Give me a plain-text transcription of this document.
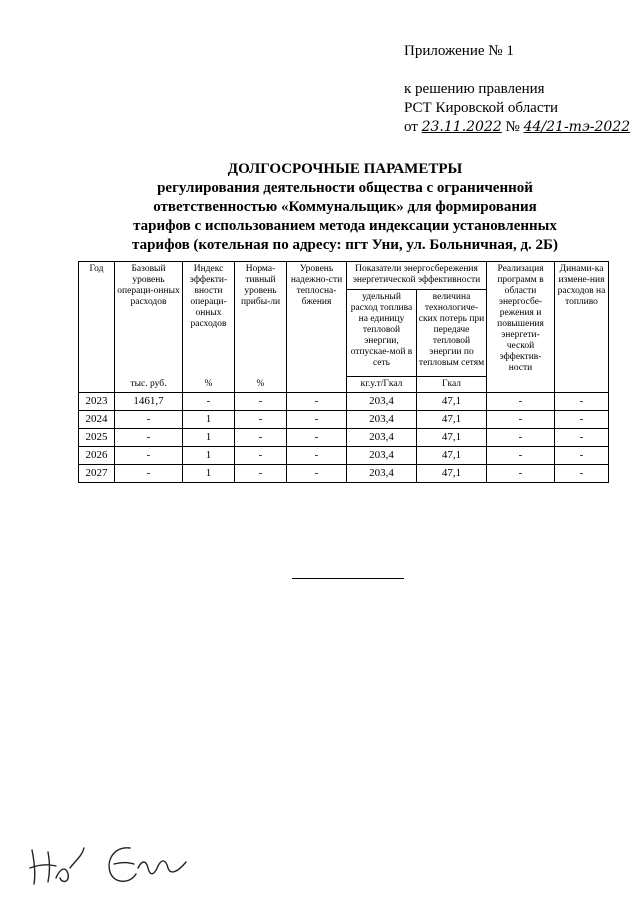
Приложение № 1
к решению правления
РСТ Кировской области
от 23.11.2022 № 44/21-тэ-2022
ДОЛГОСРОЧНЫЕ ПАРАМЕТРЫ
регулирования деятельности общества с ограниченной
ответственностью «Коммунальщик» для формирования
тарифов с использованием метода индексации установленных
тарифов (котельная по адресу: пгт Уни, ул. Больничная, д. 2Б)
Год	Базовый уровень операци-онных расходов	Индекс эффекти-вности операци-онных расходов	Норма-тивный уровень прибы-ли	Уровень надежно-сти теплосна-бжения	Показатели энергосбережения энергетической эффективности		Реализация программ в области энергосбе-режения и повышения энергети-ческой эффектив-ности	Динами-ка измене-ния расходов на топливо
					удельный расход топлива на единицу тепловой энергии, отпускае-мой в сеть	величина технологиче-ских потерь при передаче тепловой энергии по тепловым сетям		
	тыс. руб.	%	%		кг.у.т/Гкал	Гкал		
2023	1461,7	-	-	-	203,4	47,1	-	-
2024	-	1	-	-	203,4	47,1	-	-
2025	-	1	-	-	203,4	47,1	-	-
2026	-	1	-	-	203,4	47,1	-	-
2027	-	1	-	-	203,4	47,1	-	-
